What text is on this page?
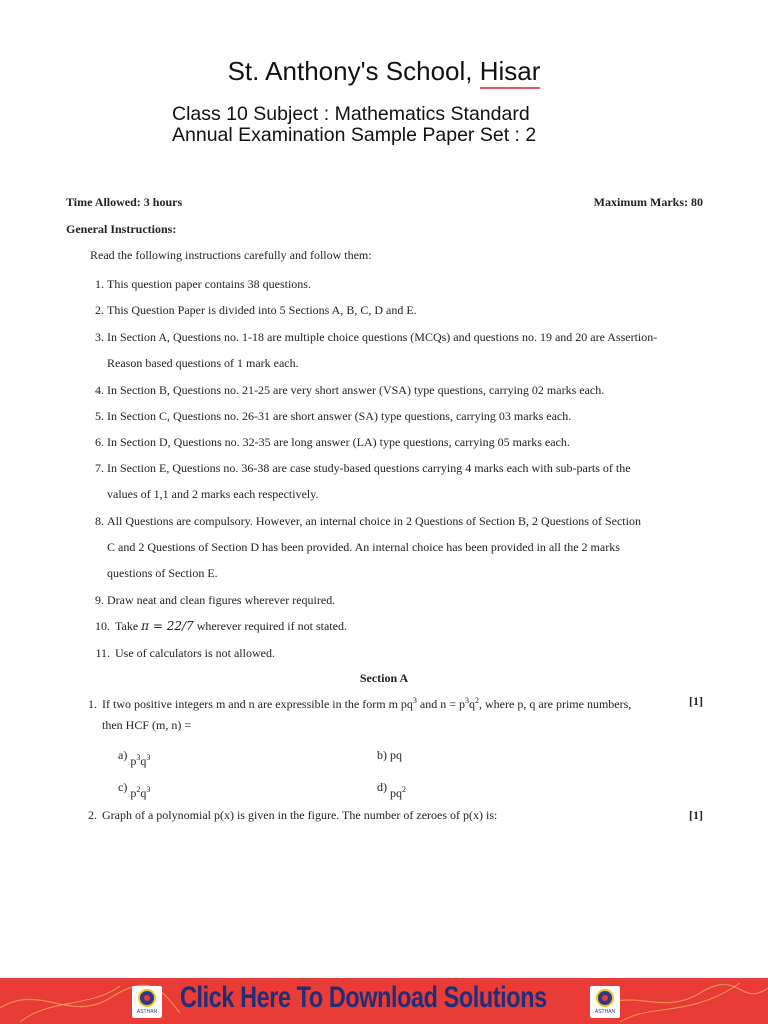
St. Anthony's School, Hisar
Class 10 Subject : Mathematics Standard
Annual Examination Sample Paper Set : 2
Time Allowed: 3 hours	Maximum Marks: 80
General Instructions:
Read the following instructions carefully and follow them:
1. This question paper contains 38 questions.
2. This Question Paper is divided into 5 Sections A, B, C, D and E.
3. In Section A, Questions no. 1-18 are multiple choice questions (MCQs) and questions no. 19 and 20 are Assertion-
Reason based questions of 1 mark each.
4. In Section B, Questions no. 21-25 are very short answer (VSA) type questions, carrying 02 marks each.
5. In Section C, Questions no. 26-31 are short answer (SA) type questions, carrying 03 marks each.
6. In Section D, Questions no. 32-35 are long answer (LA) type questions, carrying 05 marks each.
7. In Section E, Questions no. 36-38 are case study-based questions carrying 4 marks each with sub-parts of the
values of 1,1 and 2 marks each respectively.
8. All Questions are compulsory. However, an internal choice in 2 Questions of Section B, 2 Questions of Section
C and 2 Questions of Section D has been provided. An internal choice has been provided in all the 2 marks
questions of Section E.
9. Draw neat and clean figures wherever required.
10. Take π = 22/7 wherever required if not stated.
11. Use of calculators is not allowed.
Section A
1. If two positive integers m and n are expressible in the form m $pq^3$ and $n = p^3q^2$, where p, q are prime numbers,	[1]
then HCF (m, n) =
a) $p^3q^3$	b) pq
c) $p^2q^3$	d) $pq^2$
2. Graph of a polynomial p(x) is given in the figure. The number of zeroes of p(x) is:	[1]
ASTHAN Click Here To Download Solutions	ASTHAN
